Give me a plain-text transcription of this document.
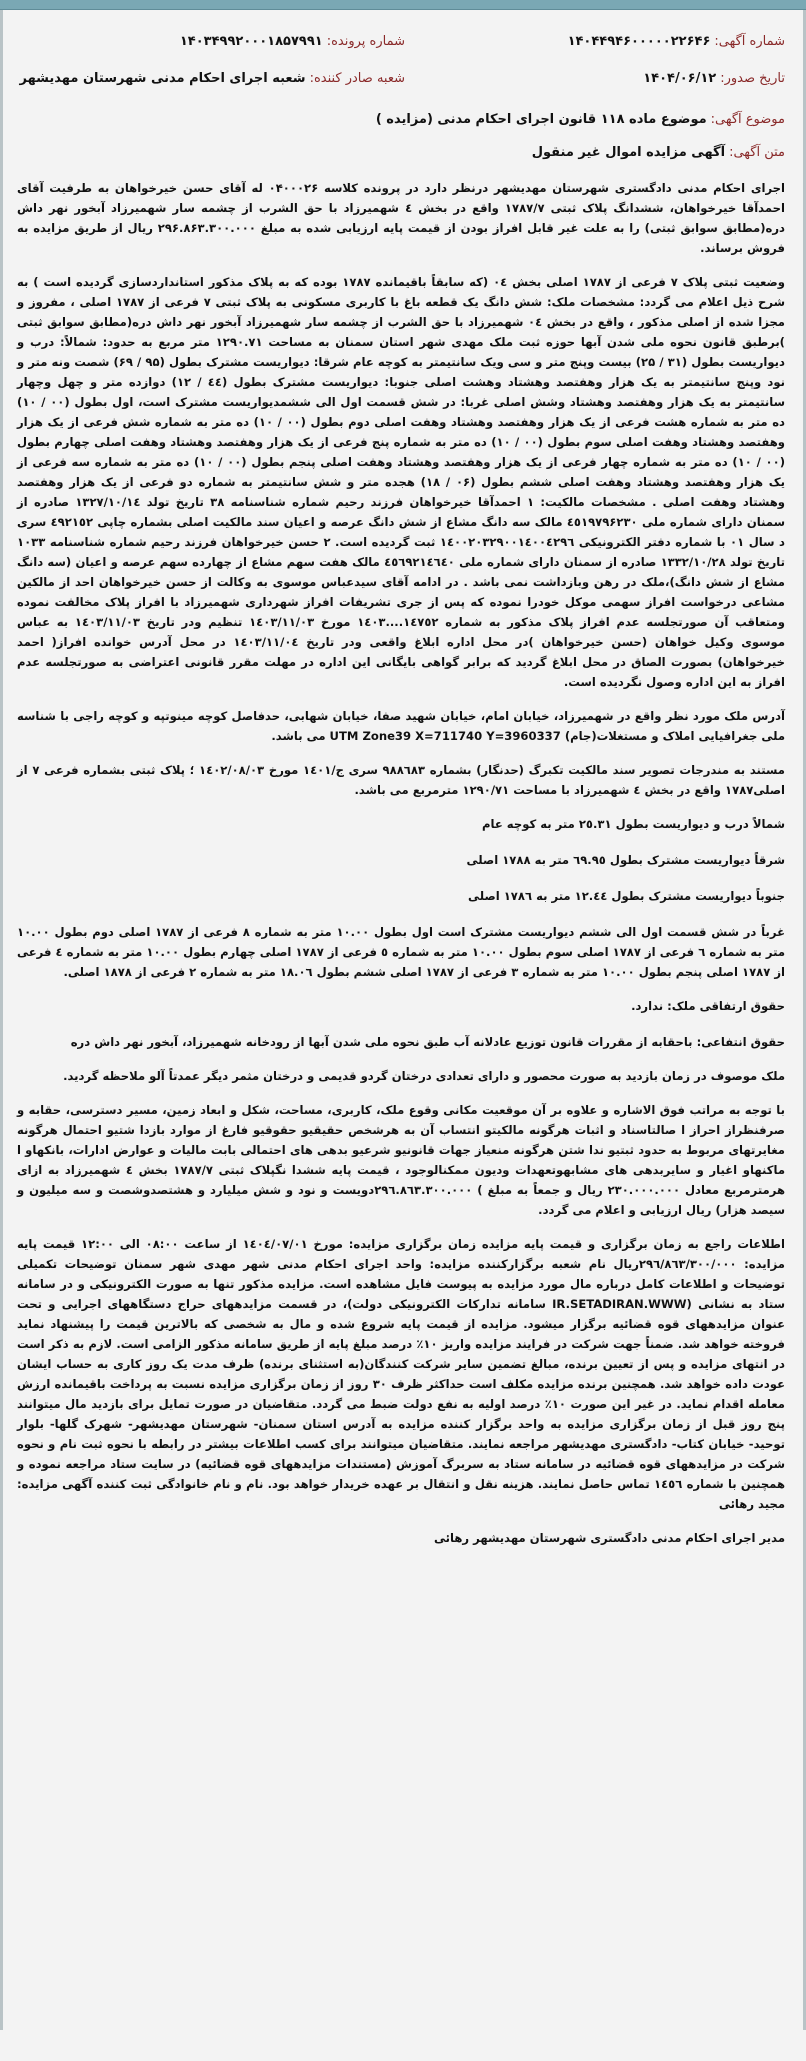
شماره آگهی:۱۴۰۴۴۹۴۶۰۰۰۰۰۲۲۶۴۶
شماره پرونده:۱۴۰۳۴۹۹۲۰۰۰۱۸۵۷۹۹۱
تاریخ صدور:۱۴۰۴/۰۶/۱۲
شعبه صادر کننده:شعبه اجرای احکام مدنی شهرستان مهدیشهر
موضوع آگهی:موضوع ماده ۱۱۸ قانون اجرای احکام مدنی (مزایده )
متن آگهی:آگهی مزایده اموال غیر منقول

اجرای احکام مدنی دادگستری شهرستان مهدیشهر درنظر دارد در پرونده کلاسه ۰۴۰۰۰۲۶ له آقای حسن خیرخواهان به طرفیت آقای احمدآقا خیرخواهان، ششدانگ پلاک ثبتی ۱۷۸۷/۷ واقع در بخش ٤ شهمیرزاد با حق الشرب از چشمه سار شهمیرزاد آبخور نهر داش دره(مطابق سوابق ثبتی) را به علت غیر قابل افراز بودن از قیمت پایه ارزیابی شده به مبلغ ۲۹۶.۸۶۳.۳۰۰.۰۰۰ ریال از طریق مزایده به فروش برساند.

وضعیت ثبتی پلاک ۷ فرعی از ۱۷۸۷ اصلی بخش ۰٤ (که سابقاً باقیمانده ۱۷۸۷ بوده که به پلاک مذکور استانداردسازی گردیده است ) به شرح ذیل اعلام می گردد: مشخصات ملک: شش دانگ یک قطعه باغ با کاربری مسکونی به پلاک ثبتی ۷ فرعی از ۱۷۸۷ اصلی ، مفروز و مجزا شده از اصلی مذکور ، واقع در بخش ۰٤ شهمیرزاد با حق الشرب از چشمه سار شهمیرزاد آبخور نهر داش دره(مطابق سوابق ثبتی )برطبق قانون نحوه ملی شدن آبها حوزه ثبت ملک مهدی شهر استان سمنان به مساحت ۱۲۹۰.۷۱ متر مربع به حدود: شمالاً: درب و دیواریست بطول (۳۱ / ۲۵) بیست وپنج متر و سی ویک سانتیمتر به کوچه عام شرقا: دیواریست مشترک بطول (۹۵ / ۶۹) شصت ونه متر و نود وپنج سانتیمتر به یک هزار وهفتصد وهشتاد وهشت اصلی جنوبا: دیواریست مشترک بطول (٤٤ / ۱۲) دوازده متر و چهل وچهار سانتیمتر به یک هزار وهفتصد وهشتاد وشش اصلی غربا: در شش قسمت اول الی ششمدیواریست مشترک است، اول بطول (۰۰ / ۱۰) ده متر به شماره هشت فرعی از یک هزار وهفتصد وهشتاد وهفت اصلی دوم بطول (۰۰ / ۱۰) ده متر به شماره شش فرعی از یک هزار وهفتصد وهشتاد وهفت اصلی سوم بطول (۰۰ / ۱۰) ده متر به شماره پنج فرعی از یک هزار وهفتصد وهشتاد وهفت اصلی چهارم بطول (۰۰ / ۱۰) ده متر به شماره چهار فرعی از یک هزار وهفتصد وهشتاد وهفت اصلی پنجم بطول (۰۰ / ۱۰) ده متر به شماره سه فرعی از یک هزار وهفتصد وهشتاد وهفت اصلی ششم بطول (۰۶ / ۱۸) هجده متر و شش سانتیمتر به شماره دو فرعی از یک هزار وهفتصد وهشتاد وهفت اصلی . مشخصات مالکیت: ۱ احمدآقا خیرخواهان فرزند رحیم شماره شناسنامه ۳۸ تاریخ تولد ۱۳۲۷/۱۰/۱٤ صادره از سمنان دارای شماره ملی ٤٥۱۹۷۹۶۲۳۰ مالک سه دانگ مشاع از شش دانگ عرصه و اعیان سند مالکیت اصلی بشماره چاپی ٤۹۲۱٥۲ سری د سال ۰۱ با شماره دفتر الکترونیکی ۱٤۰۰۲۰۳۲۹۰۰۱٤۰۰٤۲۹٦ ثبت گردیده است. ۲ حسن خیرخواهان فرزند رحیم شماره شناسنامه ۱۰۳۳ تاریخ تولد ۱۳۳۲/۱۰/۲۸ صادره از سمنان دارای شماره ملی ٤٥٦۹۲۱٤٦٤۰ مالک هفت سهم مشاع از چهارده سهم عرصه و اعیان (سه دانگ مشاع از شش دانگ)،ملک در رهن وبازداشت نمی باشد . در ادامه آقای سیدعباس موسوی به وکالت از حسن خیرخواهان احد از مالکین مشاعی درخواست افراز سهمی موکل خودرا نموده که پس از جری تشریفات افراز شهرداری شهمیرزاد با افراز پلاک مخالفت نموده ومتعاقب آن صورتجلسه عدم افراز پلاک مذکور به شماره ۱٤۷٥۲....۱٤۰۳ مورخ ۱٤۰۳/۱۱/۰۳ تنظیم ودر تاریخ ۱٤۰۳/۱۱/۰۳ به عباس موسوی وکیل خواهان (حسن خیرخواهان )در محل اداره ابلاغ واقعی ودر تاریخ ۱٤۰۳/۱۱/۰٤ در محل آدرس خوانده افراز( احمد خیرخواهان) بصورت الصاق در محل ابلاغ گردید که برابر گواهی بایگانی این اداره در مهلت مقرر قانونی اعتراضی به صورتجلسه عدم افراز به این اداره وصول نگردیده است.

آدرس ملک مورد نظر واقع در شهمیرزاد، خیابان امام، خیابان شهید صفا، خیابان شهابی، حدفاصل کوچه مینوتپه و کوچه راجی با شناسه ملی جغرافیایی املاک و مستغلات(جام) UTM Zone39 X=711740 Y=3960337 می باشد.

مستند به مندرجات تصویر سند مالکیت تکبرگ (حدنگار) بشماره ۹۸۸٦۸۳ سری ج/۱٤۰۱ مورخ ۱٤۰۲/۰۸/۰۳ ؛ پلاک ثبتی بشماره فرعی ۷ از اصلی۱۷۸۷ واقع در بخش ٤ شهمیرزاد با مساحت ۱۲۹۰/۷۱ مترمربع می باشد.

شمالاً درب و دیواریست بطول ۲٥.۳۱ متر به کوچه عام

شرقاً دیواریست مشترک بطول ٦۹.۹٥ متر به ۱۷۸۸ اصلی

جنوباً دیواریست مشترک بطول ۱۲.٤٤ متر به ۱۷۸٦ اصلی

غرباً در شش قسمت اول الی ششم دیواریست مشترک است اول بطول ۱۰.۰۰ متر به شماره ۸ فرعی از ۱۷۸۷ اصلی دوم بطول ۱۰.۰۰ متر به شماره ٦ فرعی از ۱۷۸۷ اصلی سوم بطول ۱۰.۰۰ متر به شماره ٥ فرعی از ۱۷۸۷ اصلی چهارم بطول ۱۰.۰۰ متر به شماره ٤ فرعی از ۱۷۸۷ اصلی پنجم بطول ۱۰.۰۰ متر به شماره ۳ فرعی از ۱۷۸۷ اصلی ششم بطول ۱۸.۰٦ متر به شماره ۲ فرعی از ۱۸۷۸ اصلی.

حقوق ارتفاقی ملک: ندارد.

حقوق انتفاعی: باحقابه از مقررات قانون توزیع عادلانه آب طبق نحوه ملی شدن آبها از رودخانه شهمیرزاد، آبخور نهر داش دره

ملک موصوف در زمان بازدید به صورت محصور و دارای تعدادی درختان گردو قدیمی و درختان مثمر دیگر عمدتاً آلو ملاحظه گردید.

با توجه به مراتب فوق الاشاره و علاوه بر آن موقعیت مکانی وقوع ملک، کاربری، مساحت، شکل و ابعاد زمین، مسیر دسترسی، حقابه و صرفنظراز احراز ا صالتاسناد و اثبات هرگونه مالکیتو انتساب آن به هرشخص حقیقیو حقوقیو فارغ از موارد بازدا شتیو احتمال هرگونه مغایرتهای مربوط به حدود ثبتیو ندا شتن هرگونه منعیاز جهات قانونیو شرعیو بدهی های احتمالی بابت مالیات و عوارض ادارات، بانکهاو ا ماکنهاو اغیار و سایربدهی های مشابهوتعهدات ودیون ممکنالوجود ، قیمت پایه ششدا نگپلاک ثبتی ۱۷۸۷/۷ بخش ٤ شهمیرزاد به ازای هرمترمربع معادل ۲۳۰.۰۰۰.۰۰۰ ریال و جمعاً به مبلغ ) ۲۹٦.۸٦۳.۳۰۰.۰۰۰دویست و نود و شش میلیارد و هشتصدوشصت و سه میلیون و سیصد هزار) ریال ارزیابی و اعلام می گردد.

اطلاعات راجع به زمان برگزاری و قیمت پایه مزایده زمان برگزاری مزایده: مورخ ۱٤۰٤/۰۷/۰۱ از ساعت ۰۸:۰۰ الی ۱۲:۰۰ قیمت پایه مزایده: ۲۹٦/۸٦۳/۳۰۰/۰۰۰ریال نام شعبه برگزارکننده مزایده: واحد اجرای احکام مدنی شهر مهدی شهر سمنان توضیحات تکمیلی توضیحات و اطلاعات کامل درباره مال مورد مزایده به پیوست فایل مشاهده است. مزایده مذکور تنها به صورت الکترونیکی و در سامانه ستاد به نشانی (IR.SETADIRAN.WWW سامانه تدارکات الکترونیکی دولت)، در قسمت مزایدههای حراج دستگاههای اجرایی و تحت عنوان مزایدههای قوه قضائیه برگزار میشود. مزایده از قیمت پایه شروع شده و مال به شخصی که بالاترین قیمت را پیشنهاد نماید فروخته خواهد شد. ضمناً جهت شرکت در فرایند مزایده واریز ۱۰٪ درصد مبلغ پایه از طریق سامانه مذکور الزامی است. لازم به ذکر است در انتهای مزایده و پس از تعیین برنده، مبالغ تضمین سایر شرکت کنندگان(به استثنای برنده) ظرف مدت یک روز کاری به حساب ایشان عودت داده خواهد شد. همچنین برنده مزایده مکلف است حداکثر ظرف ۳۰ روز از زمان برگزاری مزایده نسبت به پرداخت باقیمانده ارزش معامله اقدام نماید. در غیر این صورت ۱۰٪ درصد اولیه به نفع دولت ضبط می گردد. متقاضیان در صورت تمایل برای بازدید مال میتوانند پنج روز قبل از زمان برگزاری مزایده به واحد برگزار کننده مزایده به آدرس استان سمنان- شهرستان مهدیشهر- شهرک گلها- بلوار توحید- خیابان کتاب- دادگستری مهدیشهر مراجعه نمایند. متقاضیان میتوانند برای کسب اطلاعات بیشتر در رابطه با نحوه ثبت نام و نحوه شرکت در مزایدههای قوه قضائیه در سامانه ستاد به سربرگ آموزش (مستندات مزایدههای قوه قضائیه) در سایت ستاد مراجعه نموده و همچنین با شماره ۱٤٥٦ تماس حاصل نمایند. هزینه نقل و انتقال بر عهده خریدار خواهد بود. نام و نام خانوادگی ثبت کننده آگهی مزایده: مجید رهائی

مدیر اجرای احکام مدنی دادگستری شهرستان مهدیشهر رهائی
